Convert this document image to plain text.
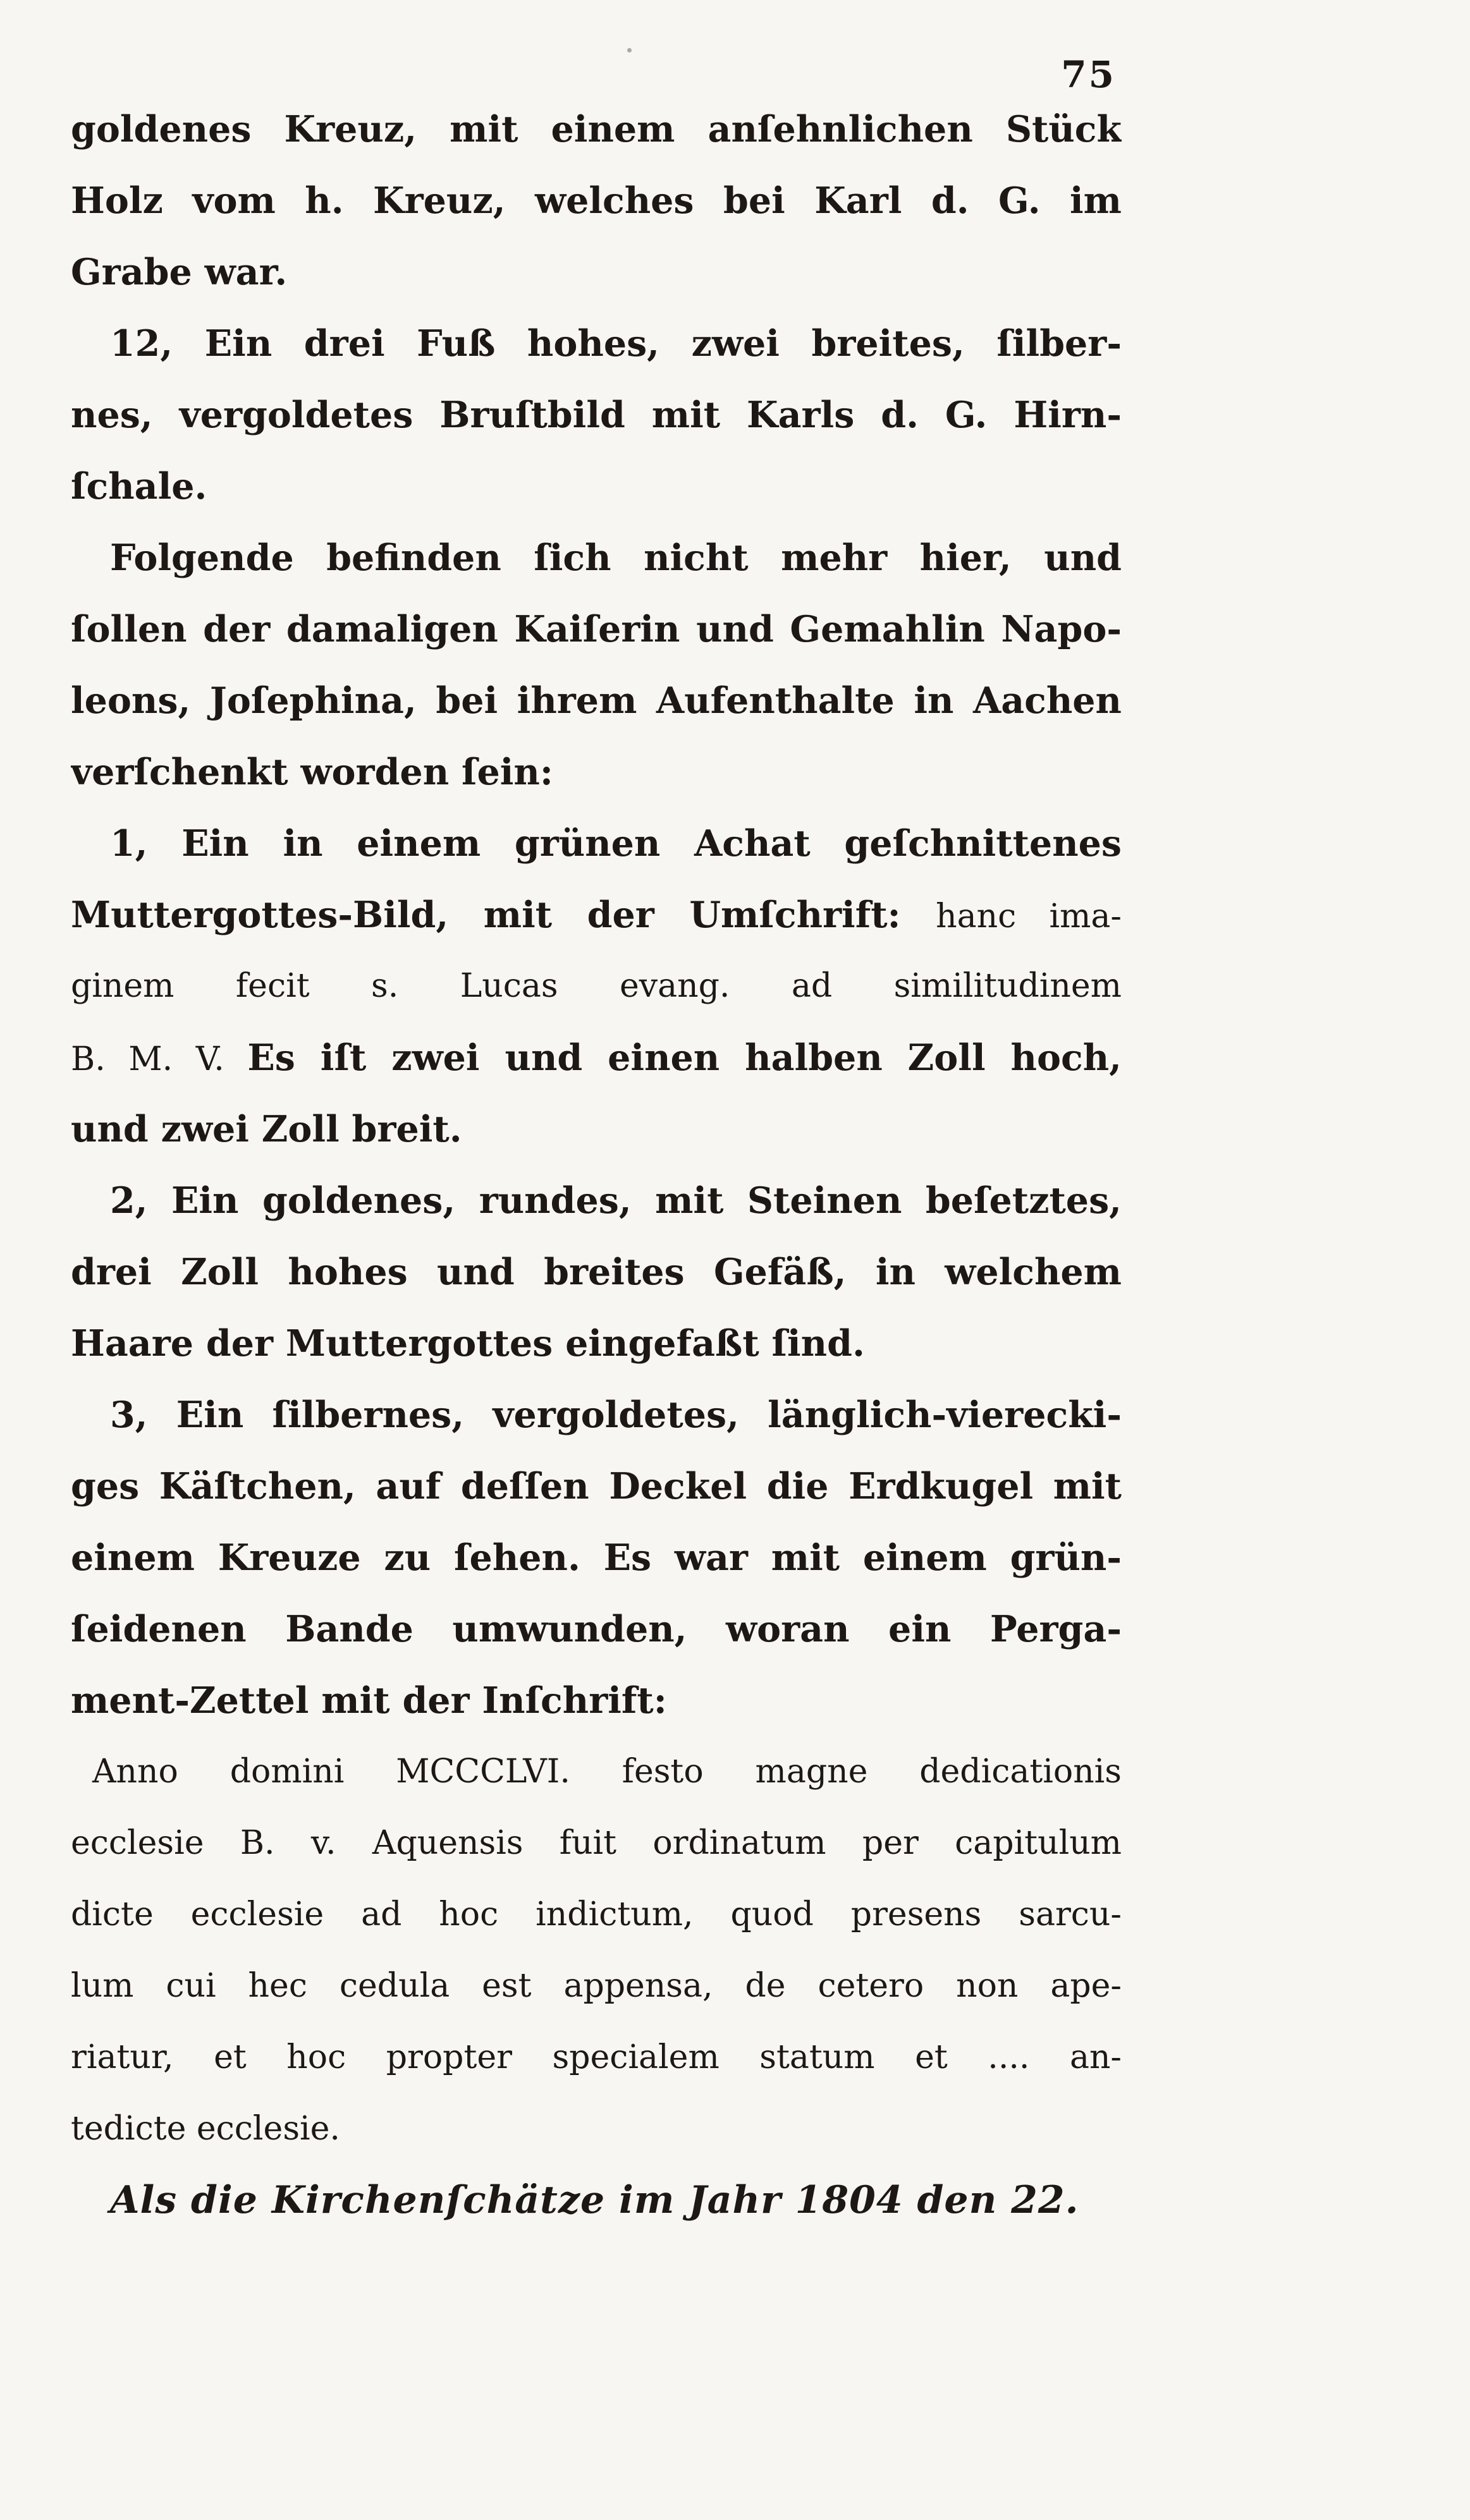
75
goldenes Kreuz, mit einem anſehnlichen Stück
Holz vom h. Kreuz, welches bei Karl d. G. im
Grabe war.
12, Ein drei Fuß hohes, zwei breites, ſilber-
nes, vergoldetes Bruſtbild mit Karls d. G. Hirn-
ſchale.
Folgende befinden ſich nicht mehr hier, und
ſollen der damaligen Kaiſerin und Gemahlin Napo-
leons, Joſephina, bei ihrem Aufenthalte in Aachen
verſchenkt worden ſein:
1, Ein in einem grünen Achat geſchnittenes
Muttergottes-Bild, mit der Umſchrift: hanc ima-
ginem fecit s. Lucas evang. ad similitudinem
B. M. V. Es iſt zwei und einen halben Zoll hoch,
und zwei Zoll breit.
2, Ein goldenes, rundes, mit Steinen beſetztes,
drei Zoll hohes und breites Gefäß, in welchem
Haare der Muttergottes eingefaßt ſind.
3, Ein ſilbernes, vergoldetes, länglich-vierecki-
ges Käſtchen, auf deſſen Deckel die Erdkugel mit
einem Kreuze zu ſehen. Es war mit einem grün-
ſeidenen Bande umwunden, woran ein Perga-
ment-Zettel mit der Inſchrift:
Anno domini MCCCLVI. festo magne dedicationis
ecclesie B. v. Aquensis fuit ordinatum per capitulum
dicte ecclesie ad hoc indictum, quod presens sarcu-
lum cui hec cedula est appensa, de cetero non ape-
riatur, et hoc propter specialem statum et .... an-
tedicte ecclesie.
Als die Kirchenſchätze im Jahr 1804 den 22.
